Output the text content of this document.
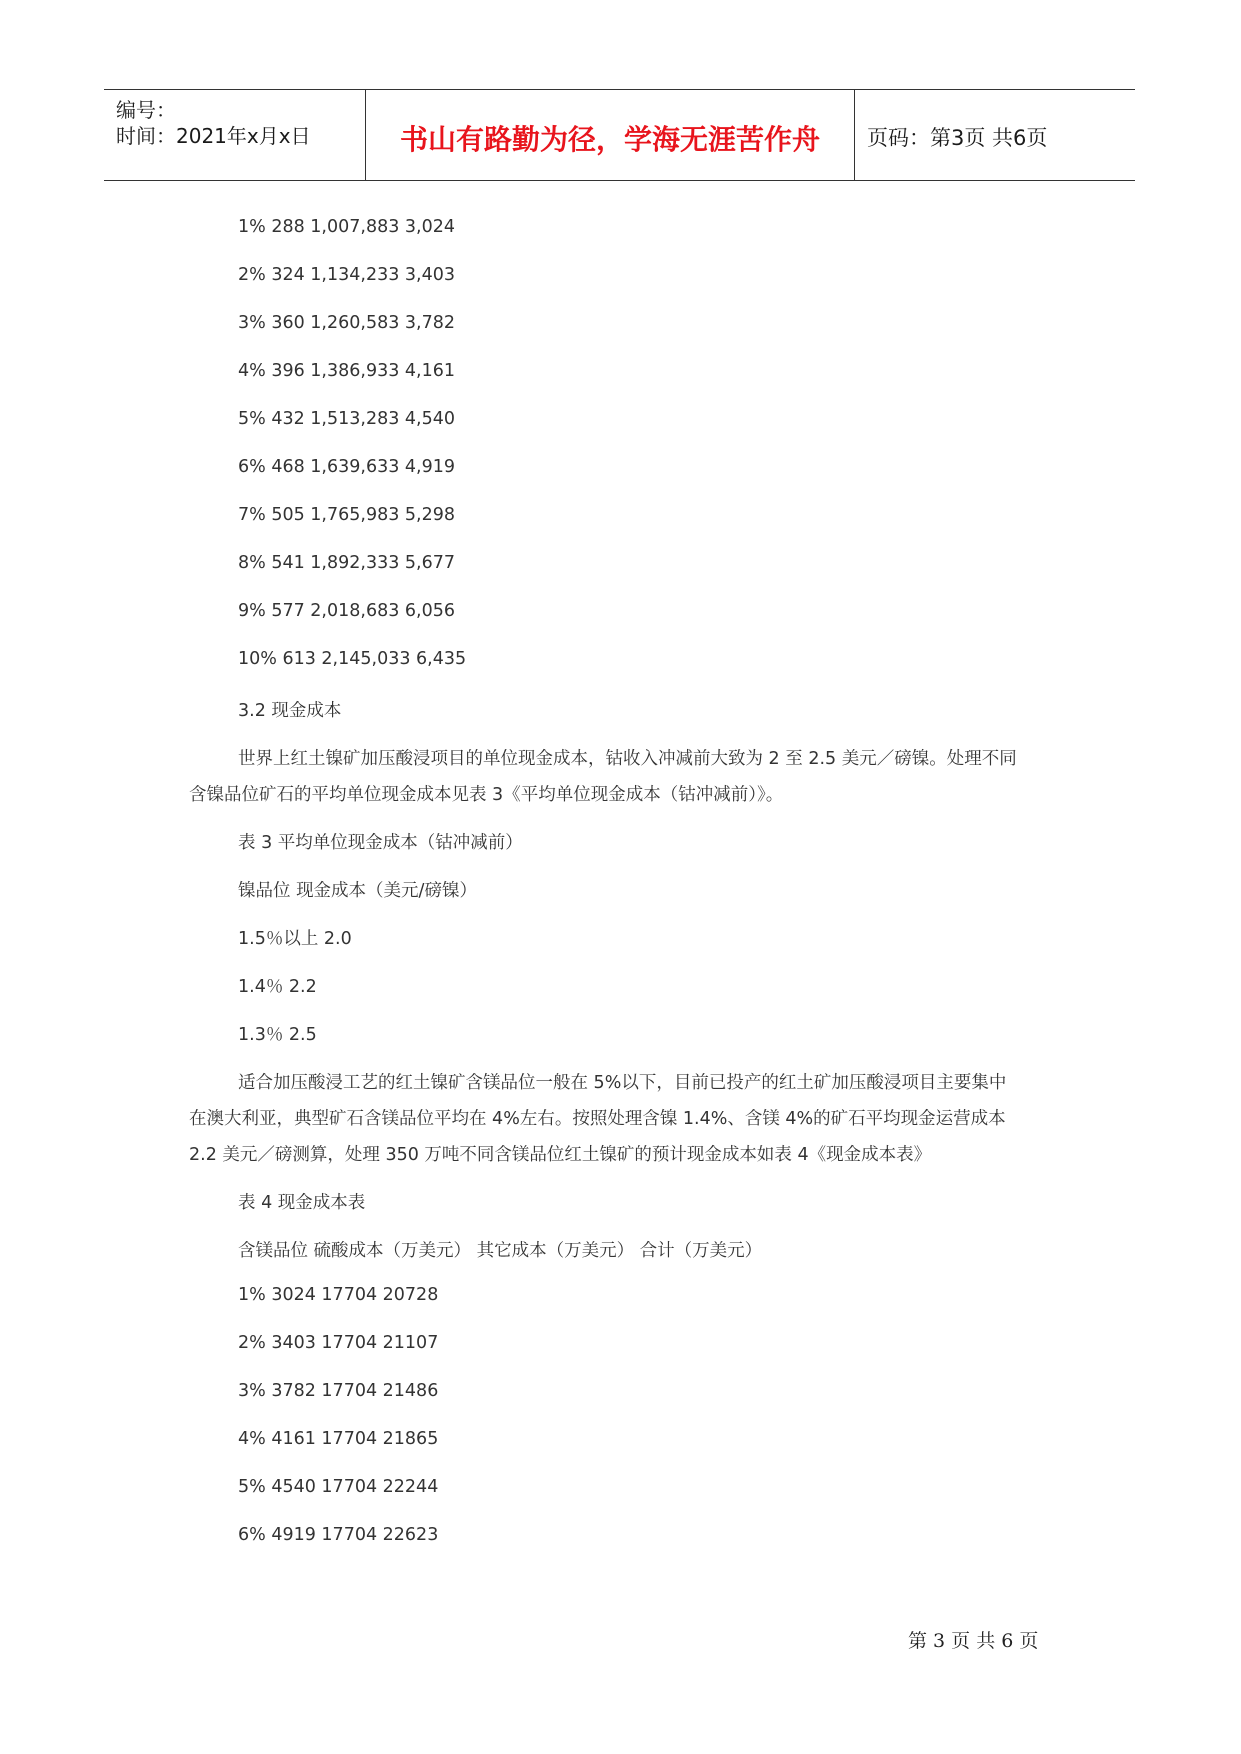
编号：
时间：2021年x月x日	书山有路勤为径，学海无涯苦作舟	页码：第3页 共6页
1% 288 1,007,883 3,024
2% 324 1,134,233 3,403
3% 360 1,260,583 3,782
4% 396 1,386,933 4,161
5% 432 1,513,283 4,540
6% 468 1,639,633 4,919
7% 505 1,765,983 5,298
8% 541 1,892,333 5,677
9% 577 2,018,683 6,056
10% 613 2,145,033 6,435
3.2 现金成本
世界上红土镍矿加压酸浸项目的单位现金成本，钴收入冲减前大致为 2 至 2.5 美元／磅镍。处理不同
含镍品位矿石的平均单位现金成本见表 3《平均单位现金成本（钴冲减前）》。
表 3 平均单位现金成本（钴冲减前）
镍品位 现金成本（美元/磅镍）
1.5％以上 2.0
1.4％ 2.2
1.3％ 2.5
适合加压酸浸工艺的红土镍矿含镁品位一般在 5%以下，目前已投产的红土矿加压酸浸项目主要集中
在澳大利亚，典型矿石含镁品位平均在 4%左右。按照处理含镍 1.4%、含镁 4%的矿石平均现金运营成本
2.2 美元／磅测算，处理 350 万吨不同含镁品位红土镍矿的预计现金成本如表 4《现金成本表》
表 4 现金成本表
含镁品位 硫酸成本（万美元） 其它成本（万美元） 合计（万美元）
1% 3024 17704 20728
2% 3403 17704 21107
3% 3782 17704 21486
4% 4161 17704 21865
5% 4540 17704 22244
6% 4919 17704 22623
第 3 页 共 6 页
